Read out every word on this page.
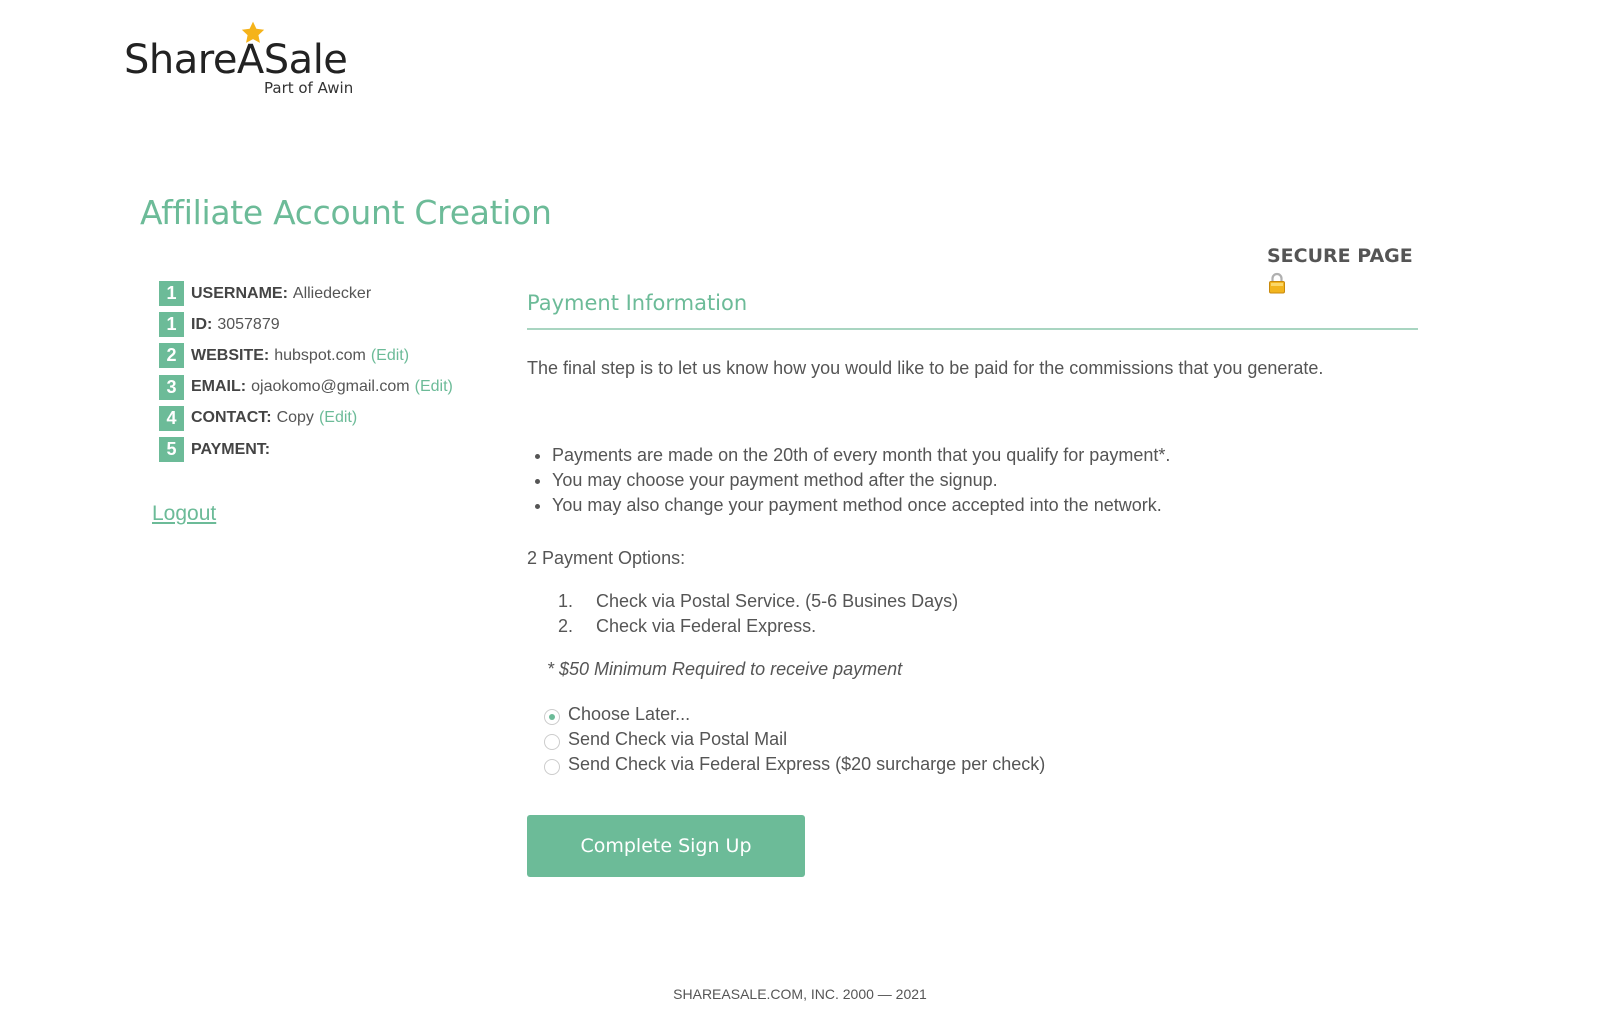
ShareASale
Part of Awin
Affiliate Account Creation
1 USERNAME: Alliedecker
1 ID: 3057879
2 WEBSITE: hubspot.com (Edit)
3 EMAIL: ojaokomo@gmail.com (Edit)
4 CONTACT: Copy (Edit)
5 PAYMENT:
Logout
SECURE PAGE
Payment Information

The final step is to let us know how you would like to be paid for the commissions that you generate.

• Payments are made on the 20th of every month that you qualify for payment*.
• You may choose your payment method after the signup.
• You may also change your payment method once accepted into the network.

2 Payment Options:

1.	Check via Postal Service. (5-6 Busines Days)
2.	Check via Federal Express.

* $50 Minimum Required to receive payment

Choose Later...
Send Check via Postal Mail
Send Check via Federal Express ($20 surcharge per check)
Complete Sign Up
SHAREASALE.COM, INC. 2000 — 2021
